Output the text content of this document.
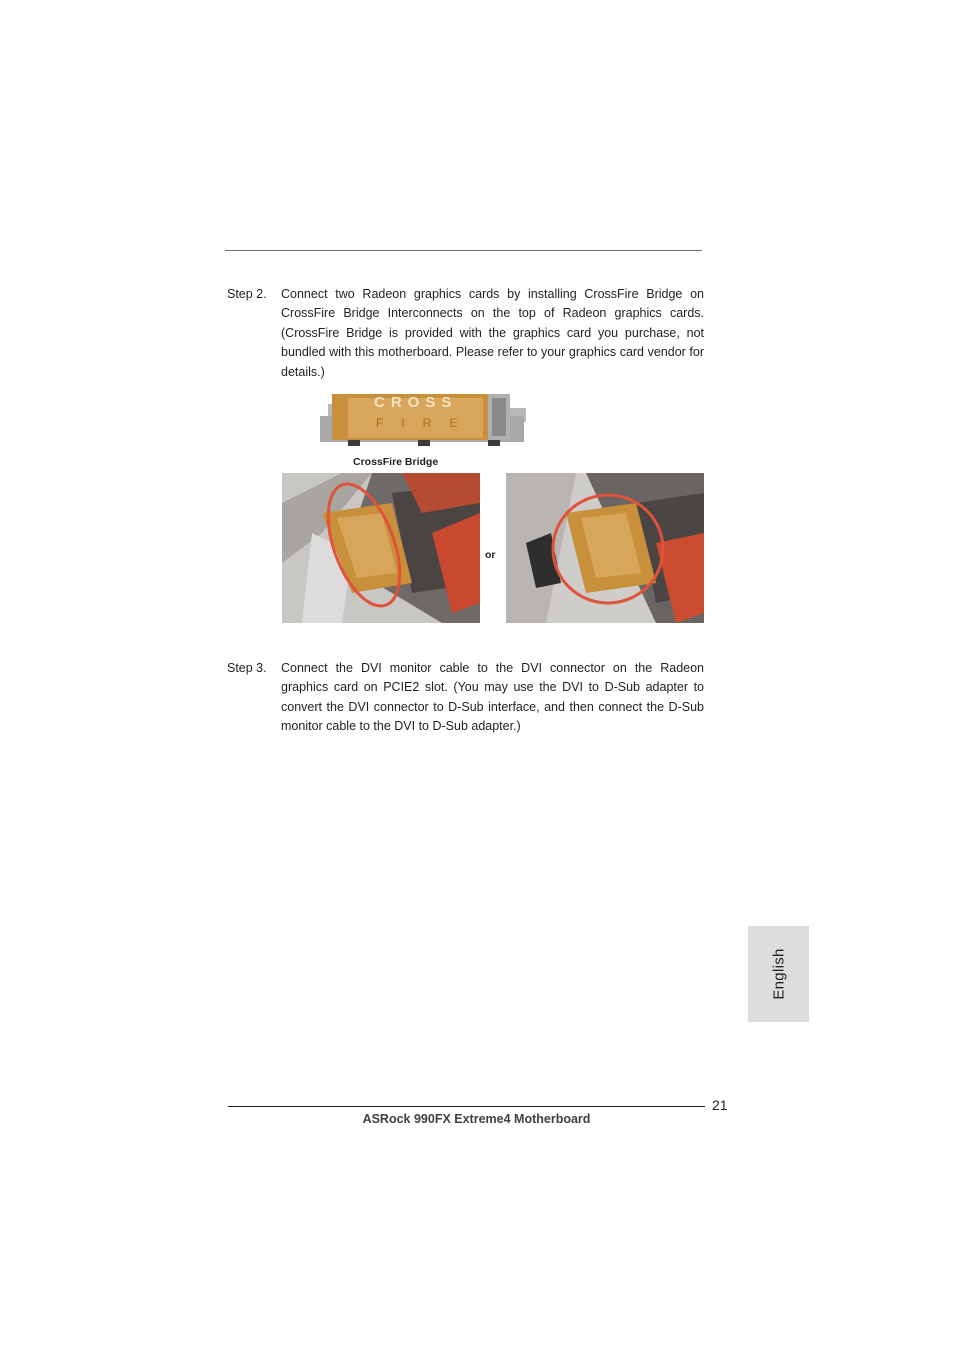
Step 2. Connect two Radeon graphics cards by installing CrossFire Bridge on CrossFire Bridge Interconnects on the top of Radeon graphics cards. (CrossFire Bridge is provided with the graphics card you purchase, not bundled with this motherboard. Please refer to your graphics card vendor for details.)
CROSS
FIRE
CrossFire Bridge
or
Step 3. Connect the DVI monitor cable to the DVI connector on the Radeon graphics card on PCIE2 slot. (You may use the DVI to D-Sub adapter to convert the DVI connector to D-Sub interface, and then connect the D-Sub monitor cable to the DVI to D-Sub adapter.)
English
21
ASRock 990FX Extreme4 Motherboard
